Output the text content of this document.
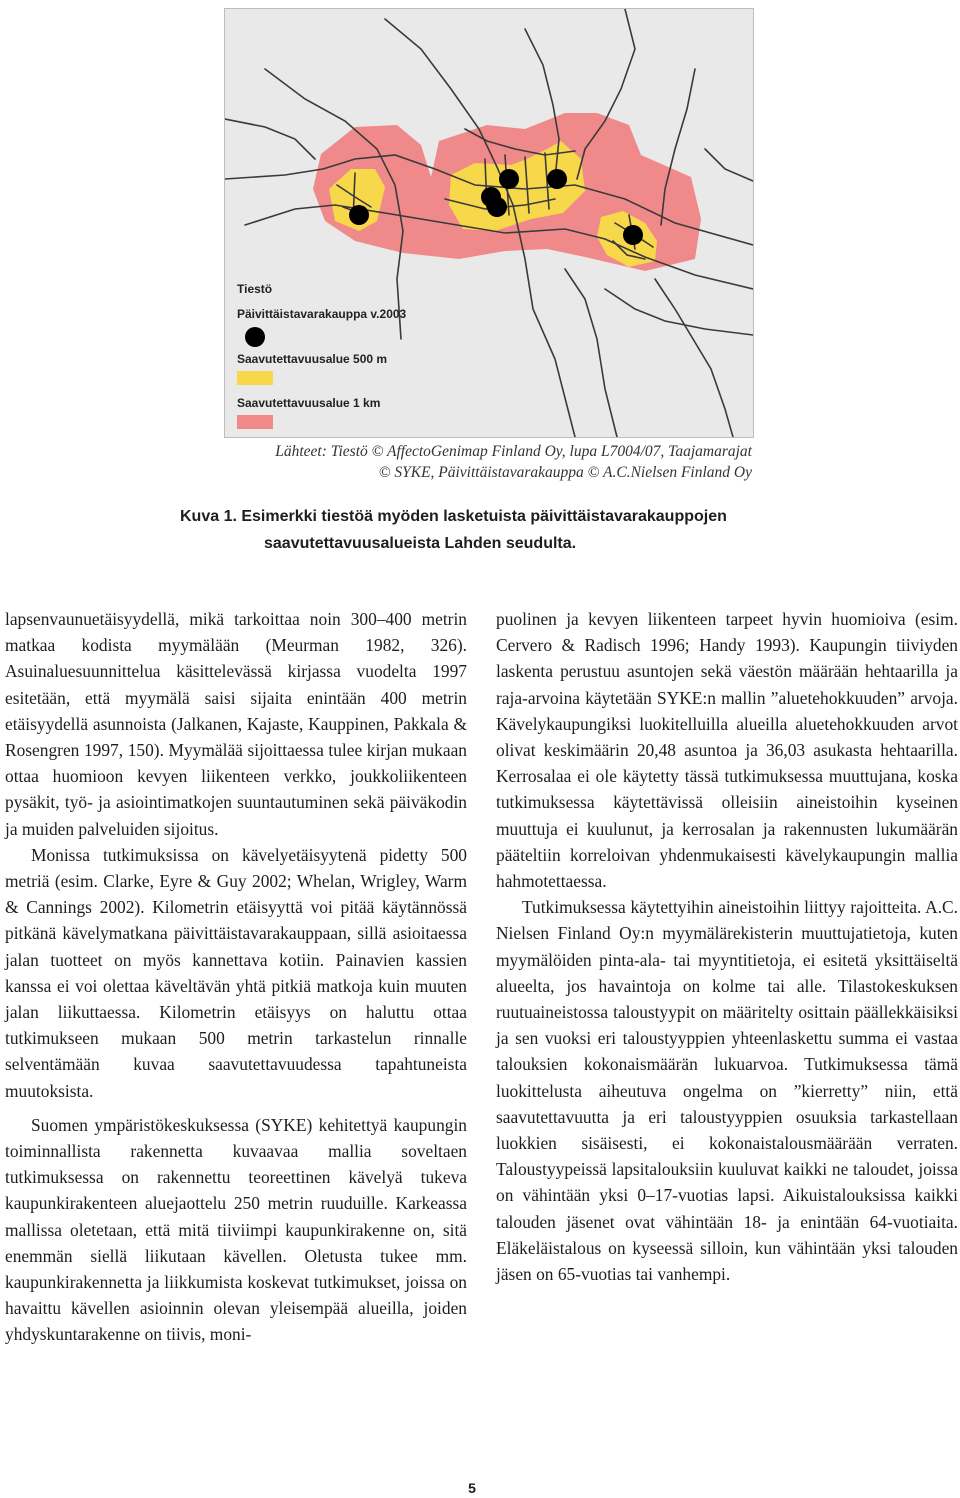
Tiestö
Päivittäistavarakauppa v.2003
Saavutettavuusalue 500 m
Saavutettavuusalue 1 km
Lähteet: Tiestö © AffectoGenimap Finland Oy, lupa L7004/07, Taajamarajat
© SYKE, Päivittäistavarakauppa © A.C.Nielsen Finland Oy
Kuva 1. Esimerkki tiestöä myöden lasketuista päivittäistavarakauppojen
saavutettavuusalueista Lahden seudulta.

lapsenvaunuetäisyydellä, mikä tarkoittaa noin 300–400 metrin matkaa kodista myymälään (Meurman 1982, 326). Asuinaluesuunnittelua käsittelevässä kirjassa vuodelta 1997 esitetään, että myymälä saisi sijaita enintään 400 metrin etäisyydellä asunnoista (Jalkanen, Kajaste, Kauppinen, Pakkala & Rosengren 1997, 150). Myymälää sijoittaessa tulee kirjan mukaan ottaa huomioon kevyen liikenteen verkko, joukkoliikenteen pysäkit, työ- ja asiointimatkojen suuntautuminen sekä päiväkodin ja muiden palveluiden sijoitus.

Monissa tutkimuksissa on kävelyetäisyytenä pidetty 500 metriä (esim. Clarke, Eyre & Guy 2002; Whelan, Wrigley, Warm & Cannings 2002). Kilometrin etäisyyttä voi pitää käytännössä pitkänä kävelymatkana päivittäistavarakauppaan, sillä asioitaessa jalan tuotteet on myös kannettava kotiin. Painavien kassien kanssa ei voi olettaa käveltävän yhtä pitkiä matkoja kuin muuten jalan liikuttaessa. Kilometrin etäisyys on haluttu ottaa tutkimukseen mukaan 500 metrin tarkastelun rinnalle selventämään kuvaa saavutettavuudessa tapahtuneista muutoksista.

Suomen ympäristökeskuksessa (SYKE) kehitettyä kaupungin toiminnallista rakennetta kuvaavaa mallia soveltaen tutkimuksessa on rakennettu teoreettinen kävelyä tukeva kaupunkirakenteen aluejaottelu 250 metrin ruuduille. Karkeassa mallissa oletetaan, että mitä tiiviimpi kaupunkirakenne on, sitä enemmän siellä liikutaan kävellen. Oletusta tukee mm. kaupunkirakennetta ja liikkumista koskevat tutkimukset, joissa on havaittu kävellen asioinnin olevan yleisempää alueilla, joiden yhdyskuntarakenne on tiivis, moni-

puolinen ja kevyen liikenteen tarpeet hyvin huomioiva (esim. Cervero & Radisch 1996; Handy 1993). Kaupungin tiiviyden laskenta perustuu asuntojen sekä väestön määrään hehtaarilla ja raja-arvoina käytetään SYKE:n mallin ”aluetehokkuuden” arvoja. Kävelykaupungiksi luokitelluilla alueilla aluetehokkuuden arvot olivat keskimäärin 20,48 asuntoa ja 36,03 asukasta hehtaarilla. Kerrosalaa ei ole käytetty tässä tutkimuksessa muuttujana, koska tutkimuksessa käytettävissä olleisiin aineistoihin kyseinen muuttuja ei kuulunut, ja kerrosalan ja rakennusten lukumäärän pääteltiin korreloivan yhdenmukaisesti kävelykaupungin mallia hahmotettaessa.

Tutkimuksessa käytettyihin aineistoihin liittyy rajoitteita. A.C. Nielsen Finland Oy:n myymälärekisterin muuttujatietoja, kuten myymälöiden pinta-ala- tai myyntitietoja, ei esitetä yksittäiseltä alueelta, jos havaintoja on kolme tai alle. Tilastokeskuksen ruutuaineistossa taloustyypit on määritelty osittain päällekkäisiksi ja sen vuoksi eri taloustyyppien yhteenlaskettu summa ei vastaa talouksien kokonaismäärän lukuarvoa. Tutkimuksessa tämä luokittelusta aiheutuva ongelma on ”kierretty” niin, että saavutettavuutta ja eri taloustyyppien osuuksia tarkastellaan luokkien sisäisesti, ei kokonaistalousmäärään verraten. Taloustyypeissä lapsitalouksiin kuuluvat kaikki ne taloudet, joissa on vähintään yksi 0–17-vuotias lapsi. Aikuistalouksissa kaikki talouden jäsenet ovat vähintään 18- ja enintään 64-vuotiaita. Eläkeläistalous on kyseessä silloin, kun vähintään yksi talouden jäsen on 65-vuotias tai vanhempi.

5
